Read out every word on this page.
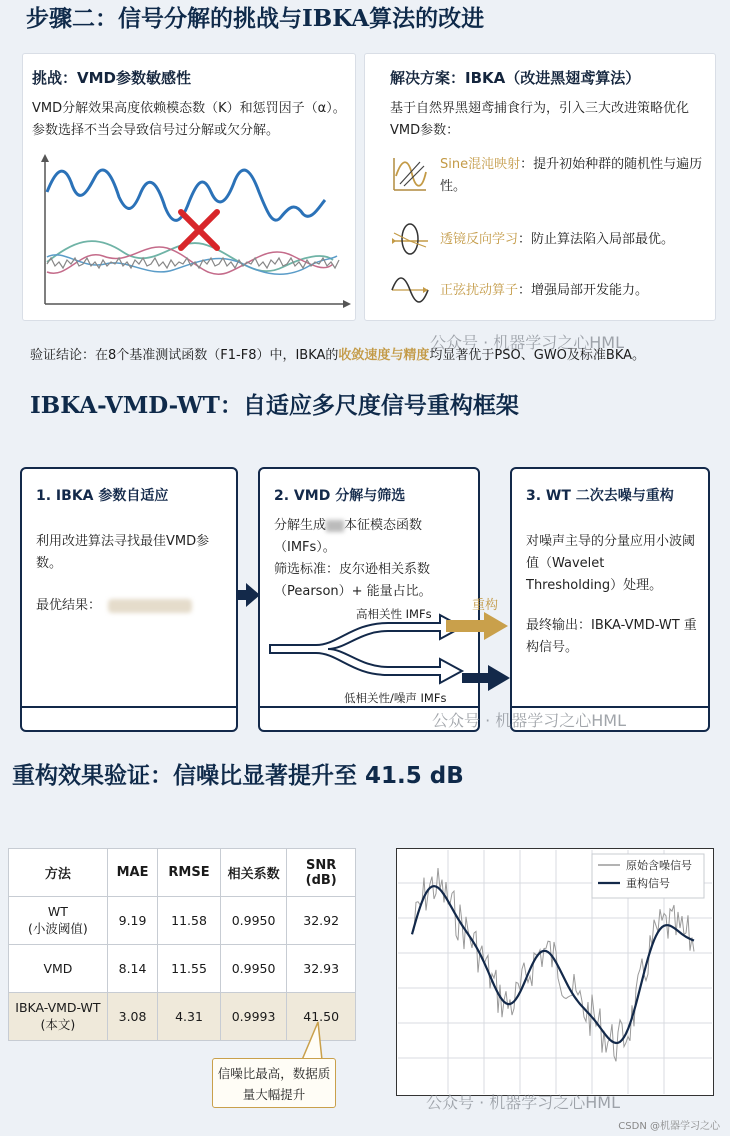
步骤二：信号分解的挑战与IBKA算法的改进
挑战：VMD参数敏感性
VMD分解效果高度依赖模态数（K）和惩罚因子（α）。参数选择不当会导致信号过分解或欠分解。
解决方案：IBKA（改进黑翅鸢算法）
基于自然界黑翅鸢捕食行为，引入三大改进策略优化VMD参数：
Sine混沌映射：提升初始种群的随机性与遍历性。
透镜反向学习：防止算法陷入局部最优。
正弦扰动算子：增强局部开发能力。
公众号 · 机器学习之心HML
验证结论：在8个基准测试函数（F1-F8）中，IBKA的收敛速度与精度均显著优于PSO、GWO及标准BKA。
IBKA-VMD-WT：自适应多尺度信号重构框架
1. IBKA 参数自适应
利用改进算法寻找最佳VMD参数。
最优结果：
2. VMD 分解与筛选
分解生成 本征模态函数（IMFs）。
筛选标准：皮尔逊相关系数（Pearson）+ 能量占比。
高相关性 IMFs
低相关性/噪声 IMFs
重构
3. WT 二次去噪与重构
对噪声主导的分量应用小波阈值（Wavelet Thresholding）处理。
最终输出：IBKA-VMD-WT 重构信号。
公众号 · 机器学习之心HML
重构效果验证：信噪比显著提升至 41.5 dB
方法	MAE	RMSE	相关系数	SNR
(dB)
WT
(小波阈值)	9.19	11.58	0.9950	32.92
VMD	8.14	11.55	0.9950	32.93
IBKA-VMD-WT
(本文)	3.08	4.31	0.9993	41.50
信噪比最高，数据质量大幅提升
原始含噪信号
重构信号
公众号 · 机器学习之心HML
CSDN @机器学习之心
